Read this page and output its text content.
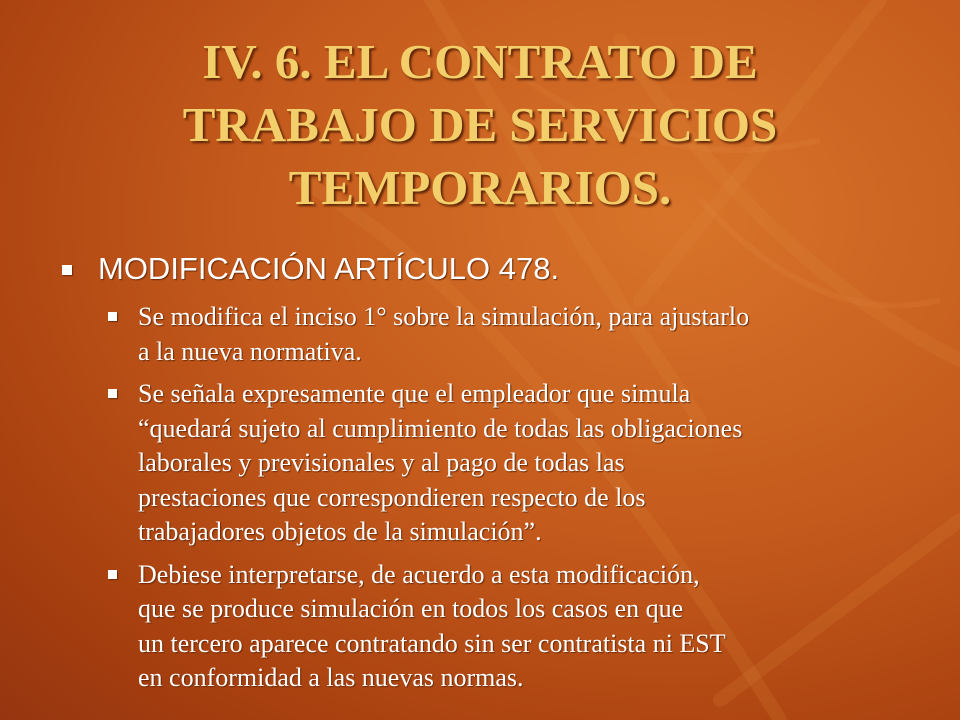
IV. 6. EL CONTRATO DE
TRABAJO DE SERVICIOS
TEMPORARIOS.
MODIFICACIÓN ARTÍCULO 478.
Se modifica el inciso 1° sobre la simulación, para ajustarlo
a la nueva normativa.
Se señala expresamente que el empleador que simula
“quedará sujeto al cumplimiento de todas las obligaciones
laborales y previsionales y al pago de todas las
prestaciones que correspondieren respecto de los
trabajadores objetos de la simulación”.
Debiese interpretarse, de acuerdo a esta modificación,
que se produce simulación en todos los casos en que
un tercero aparece contratando sin ser contratista ni EST
en conformidad a las nuevas normas.
